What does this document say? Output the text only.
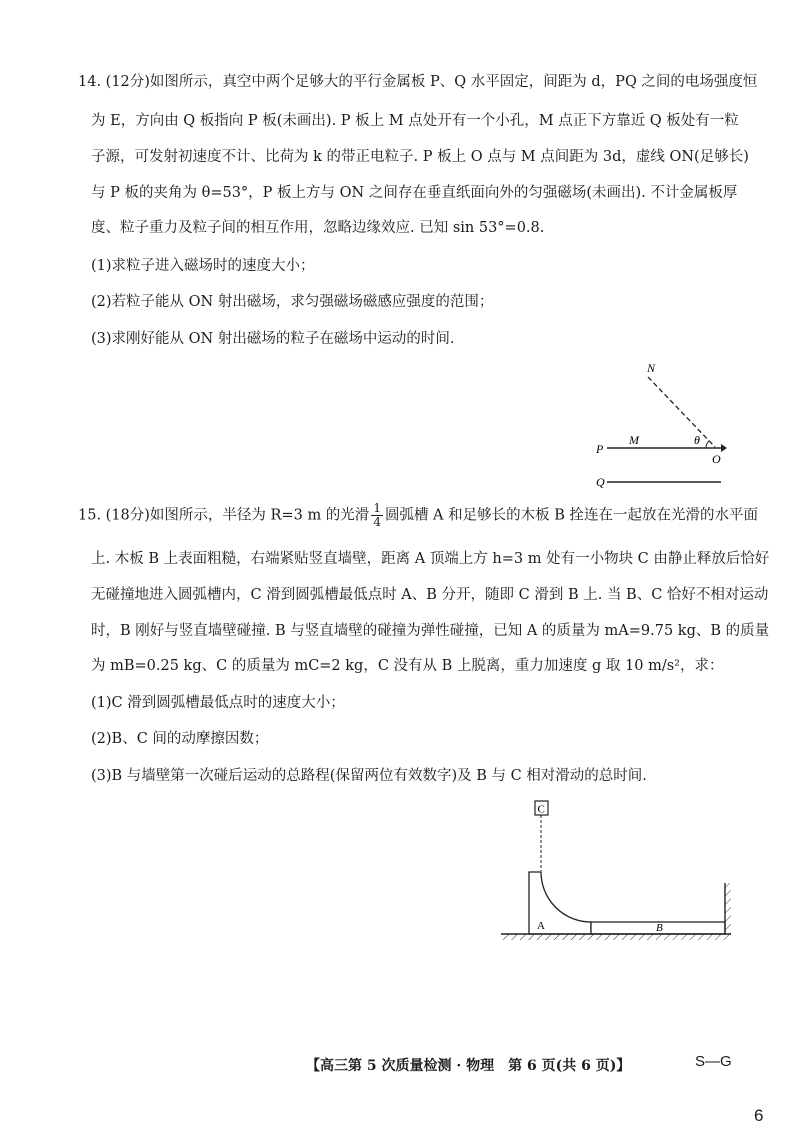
14. (12分)如图所示，真空中两个足够大的平行金属板 P、Q 水平固定，间距为 d，PQ 之间的电场强度恒
为 E，方向由 Q 板指向 P 板(未画出). P 板上 M 点处开有一个小孔，M 点正下方靠近 Q 板处有一粒
子源，可发射初速度不计、比荷为 k 的带正电粒子. P 板上 O 点与 M 点间距为 3d，虚线 ON(足够长)
与 P 板的夹角为 θ=53°，P 板上方与 ON 之间存在垂直纸面向外的匀强磁场(未画出). 不计金属板厚
度、粒子重力及粒子间的相互作用，忽略边缘效应. 已知 sin 53°=0.8.
(1)求粒子进入磁场时的速度大小；
(2)若粒子能从 ON 射出磁场，求匀强磁场磁感应强度的范围；
(3)求刚好能从 ON 射出磁场的粒子在磁场中运动的时间.
N
P
M	θ
O
Q
15. (18分)如图所示，半径为 R=3 m 的光滑 $\frac{1}{4}$ 圆弧槽 A 和足够长的木板 B 拴连在一起放在光滑的水平面
上. 木板 B 上表面粗糙，右端紧贴竖直墙壁，距离 A 顶端上方 h=3 m 处有一小物块 C 由静止释放后恰好
无碰撞地进入圆弧槽内，C 滑到圆弧槽最低点时 A、B 分开，随即 C 滑到 B 上. 当 B、C 恰好不相对运动
时，B 刚好与竖直墙壁碰撞. B 与竖直墙壁的碰撞为弹性碰撞，已知 A 的质量为 mA=9.75 kg、B 的质量
为 mB=0.25 kg、C 的质量为 mC=2 kg，C 没有从 B 上脱离，重力加速度 g 取 10 m/s²，求：
(1)C 滑到圆弧槽最低点时的速度大小；
(2)B、C 间的动摩擦因数；
(3)B 与墙壁第一次碰后运动的总路程(保留两位有效数字)及 B 与 C 相对滑动的总时间.
C
A	B
【高三第 5 次质量检测 · 物理　第 6 页(共 6 页)】	S—G
6
